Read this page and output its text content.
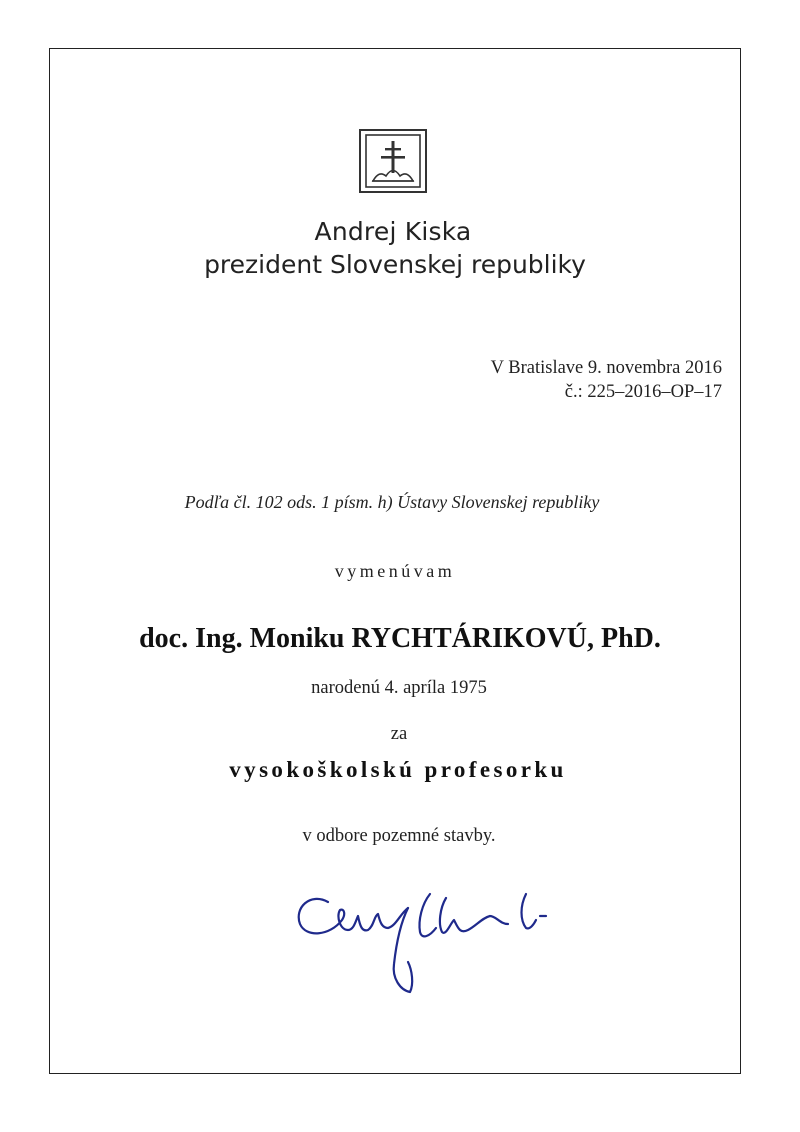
Andrej Kiska
prezident Slovenskej republiky
V Bratislave 9. novembra 2016
č.: 225–2016–OP–17
Podľa čl. 102 ods. 1 písm. h) Ústavy Slovenskej republiky
vymenúvam
doc. Ing. Moniku RYCHTÁRIKOVÚ, PhD.
narodenú 4. apríla 1975
za
vysokoškolskú profesorku
v odbore pozemné stavby.
